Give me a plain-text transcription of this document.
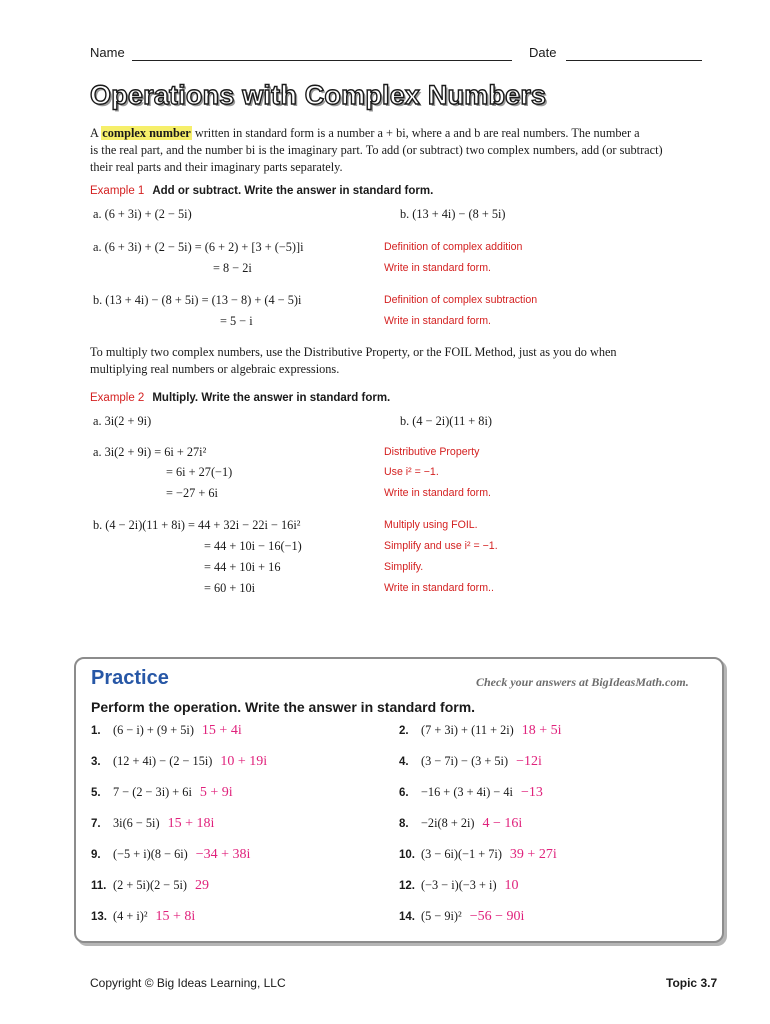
Name	Date
Operations with Complex Numbers
A complex number written in standard form is a number a + bi, where a and b are real numbers. The number a
is the real part, and the number bi is the imaginary part. To add (or subtract) two complex numbers, add (or subtract)
their real parts and their imaginary parts separately.
Example 1 Add or subtract. Write the answer in standard form.
a. (6 + 3i) + (2 − 5i)	b. (13 + 4i) − (8 + 5i)
a. (6 + 3i) + (2 − 5i) = (6 + 2) + [3 + (−5)]i	Definition of complex addition
= 8 − 2i	Write in standard form.
b. (13 + 4i) − (8 + 5i) = (13 − 8) + (4 − 5)i	Definition of complex subtraction
= 5 − i	Write in standard form.
To multiply two complex numbers, use the Distributive Property, or the FOIL Method, just as you do when
multiplying real numbers or algebraic expressions.
Example 2 Multiply. Write the answer in standard form.
a. 3i(2 + 9i)	b. (4 − 2i)(11 + 8i)
a. 3i(2 + 9i) = 6i + 27i²	Distributive Property
= 6i + 27(−1)	Use i² = −1.
= −27 + 6i	Write in standard form.
b. (4 − 2i)(11 + 8i) = 44 + 32i − 22i − 16i²	Multiply using FOIL.
= 44 + 10i − 16(−1)	Simplify and use i² = −1.
= 44 + 10i + 16	Simplify.
= 60 + 10i	Write in standard form..
Practice	Check your answers at BigIdeasMath.com.
Perform the operation. Write the answer in standard form.
1. (6 − i) + (9 + 5i) 15 + 4i	2. (7 + 3i) + (11 + 2i) 18 + 5i
3. (12 + 4i) − (2 − 15i) 10 + 19i	4. (3 − 7i) − (3 + 5i) −12i
5. 7 − (2 − 3i) + 6i 5 + 9i	6. −16 + (3 + 4i) − 4i −13
7. 3i(6 − 5i) 15 + 18i	8. −2i(8 + 2i) 4 − 16i
9. (−5 + i)(8 − 6i) −34 + 38i	10. (3 − 6i)(−1 + 7i) 39 + 27i
11. (2 + 5i)(2 − 5i) 29	12. (−3 − i)(−3 + i) 10
13. (4 + i)² 15 + 8i	14. (5 − 9i)² −56 − 90i
Copyright © Big Ideas Learning, LLC	Topic 3.7
